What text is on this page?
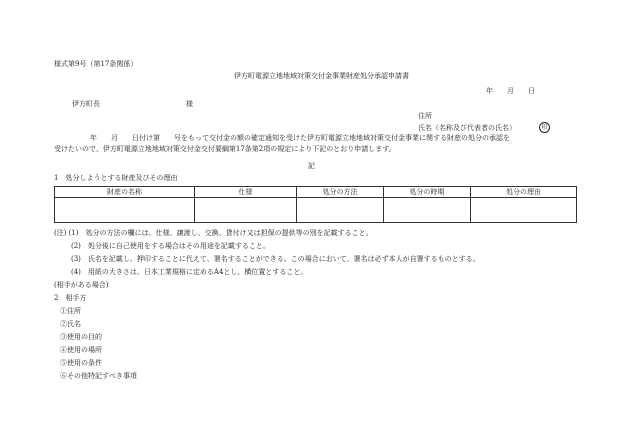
様式第9号（第17条関係）
伊方町電源立地地域対策交付金事業財産処分承認申請書
年　　月　　日
伊方町長	様
住所
氏名（名称及び代表者の氏名）	印
年　　月　　日付け第　　号をもって交付金の額の確定通知を受けた伊方町電源立地地域対策交付金事業に関する財産の処分の承認を
受けたいので、伊方町電源立地地域対策交付金交付要綱第17条第2項の規定により下記のとおり申請します。
記
1　処分しようとする財産及びその理由
財産の名称	仕様	処分の方法	処分の時期	処分の理由

(注) (1)　処分の方法の欄には、仕様、譲渡し、交換、貸付け又は担保の提供等の別を記載すること。
(2)　処分後に自己使用をする場合はその用途を記載すること。
(3)　氏名を記載し、押印することに代えて、署名することができる。この場合において、署名は必ず本人が自署するものとする。
(4)　用紙の大きさは、日本工業規格に定めるA4とし、横位置とすること。
(相手がある場合)
2　相手方
①住所
②氏名
③使用の目的
④使用の場所
⑤使用の条件
⑥その他特記すべき事項
